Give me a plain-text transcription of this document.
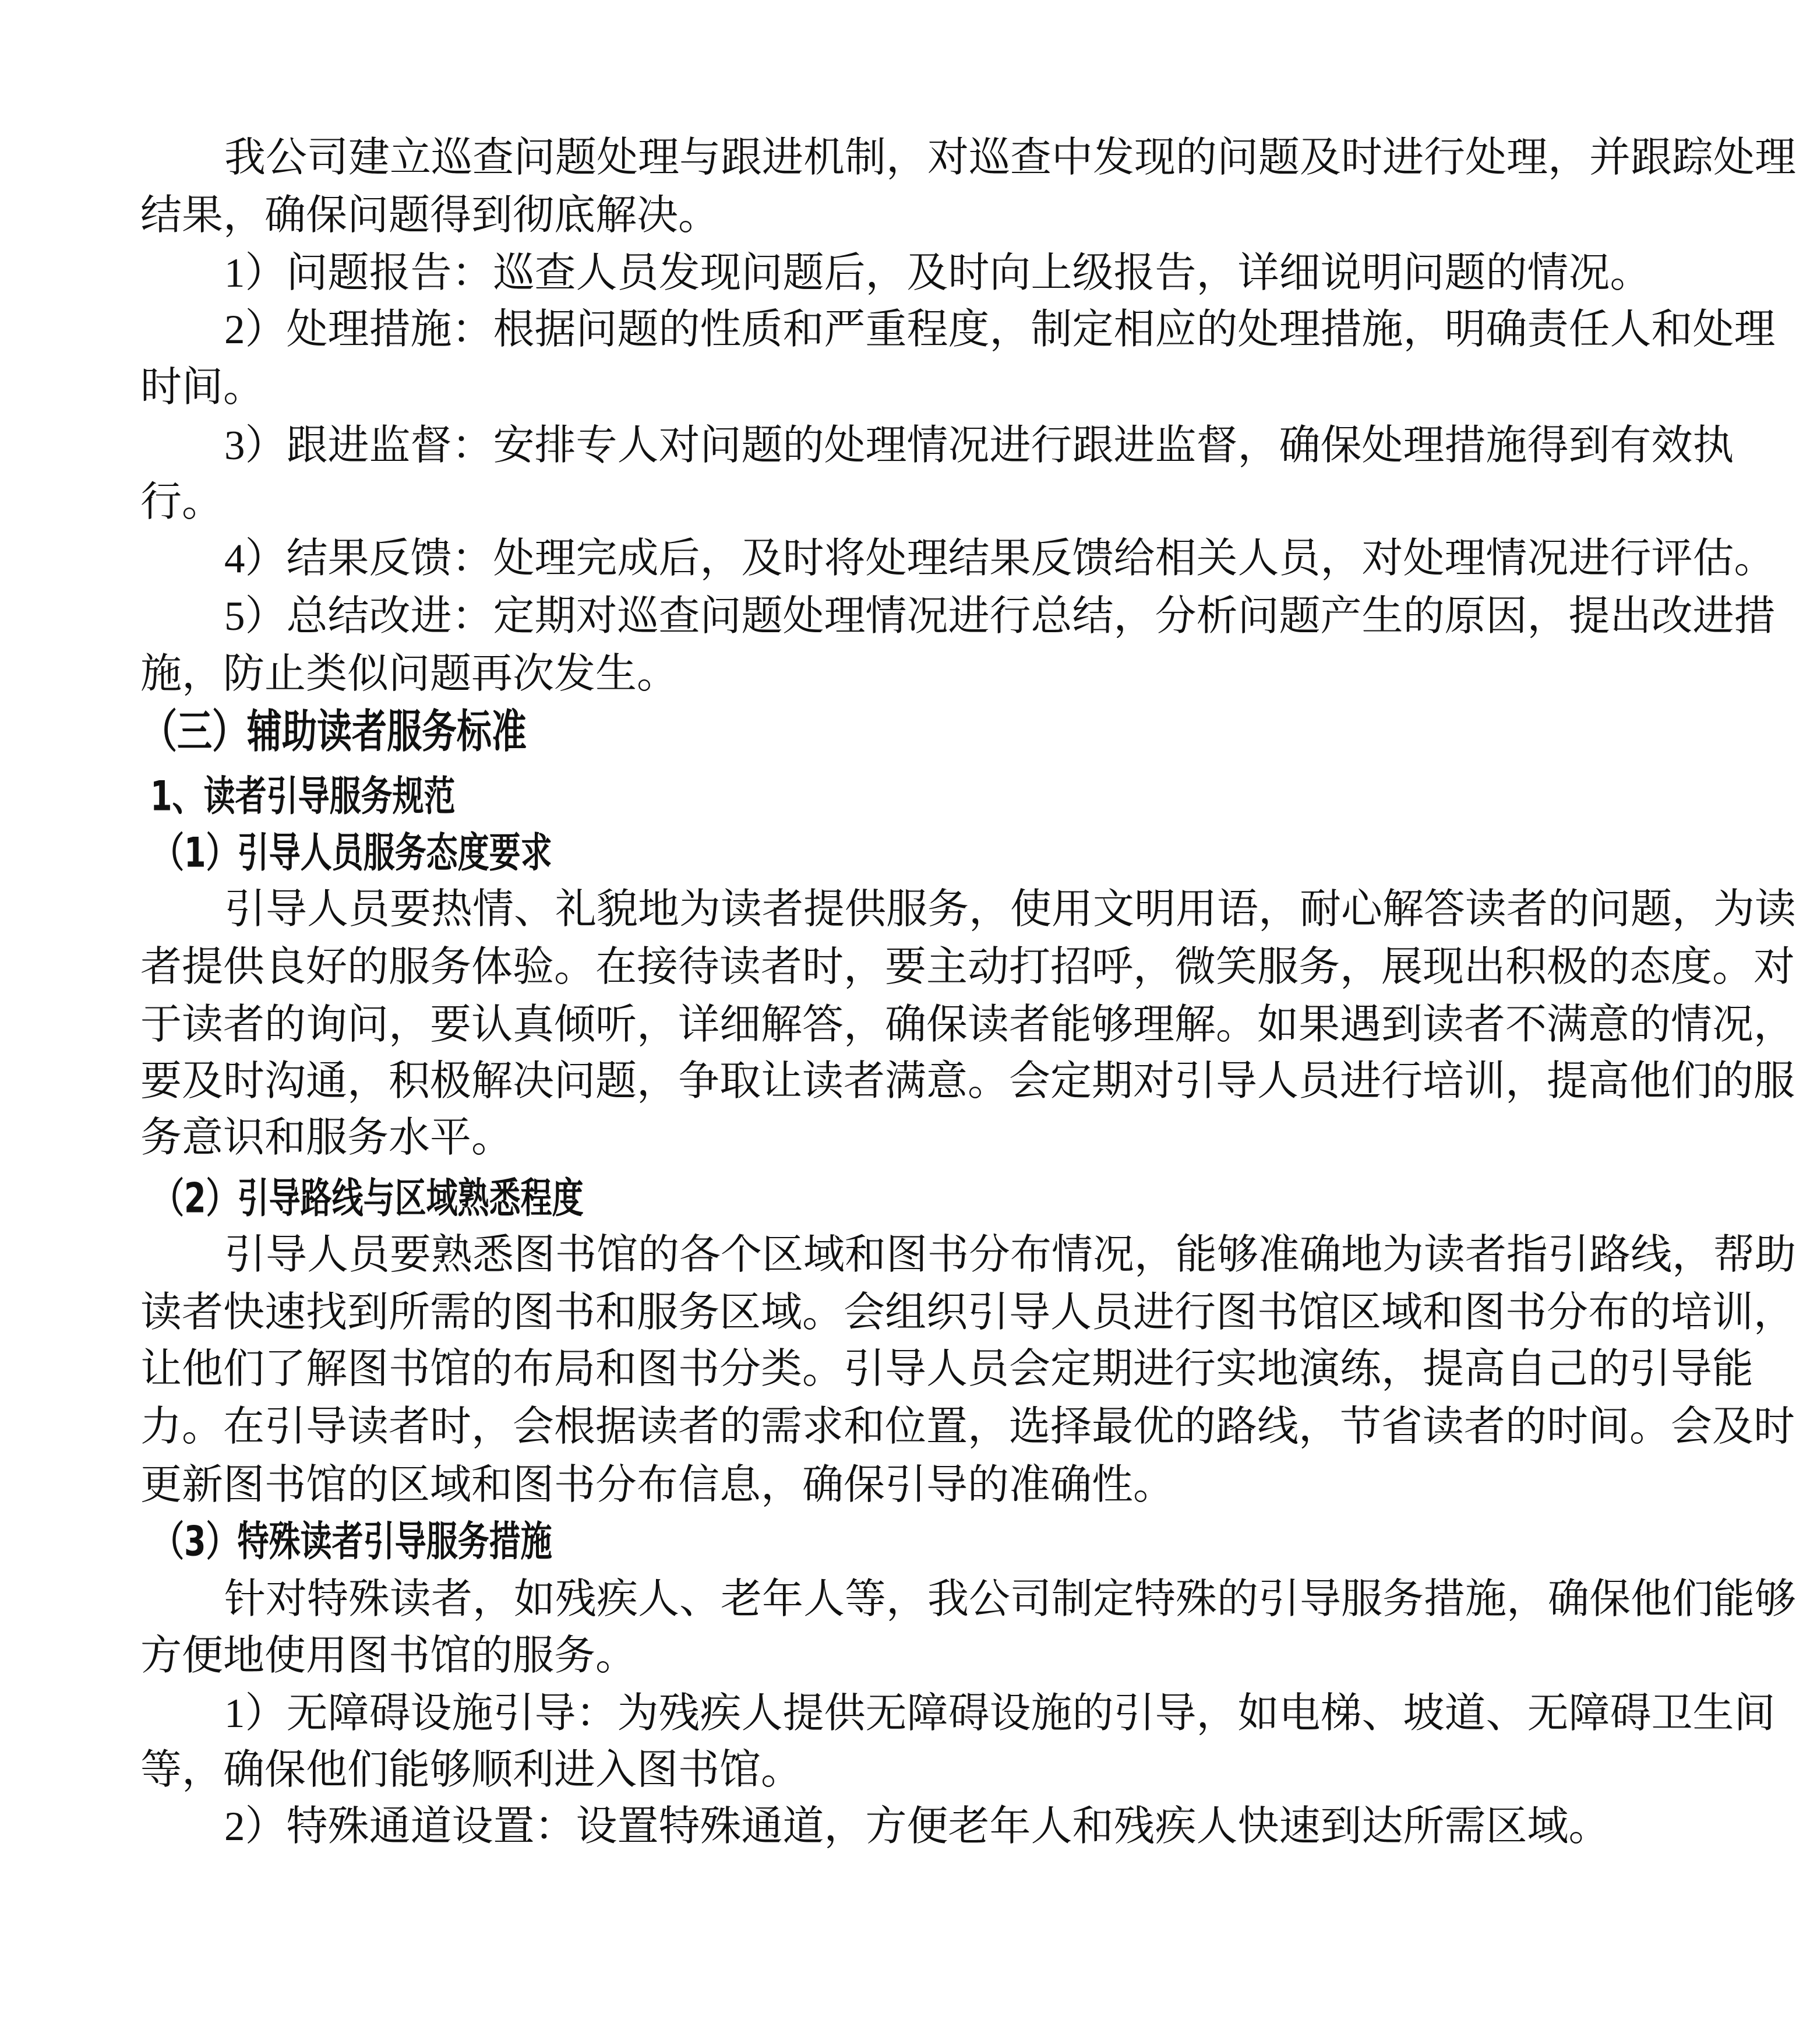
我公司建立巡查问题处理与跟进机制，对巡查中发现的问题及时进行处理，并跟踪处理
结果，确保问题得到彻底解决。
1）问题报告：巡查人员发现问题后，及时向上级报告，详细说明问题的情况。
2）处理措施：根据问题的性质和严重程度，制定相应的处理措施，明确责任人和处理
时间。
3）跟进监督：安排专人对问题的处理情况进行跟进监督，确保处理措施得到有效执
行。
4）结果反馈：处理完成后，及时将处理结果反馈给相关人员，对处理情况进行评估。
5）总结改进：定期对巡查问题处理情况进行总结，分析问题产生的原因，提出改进措
施，防止类似问题再次发生。
（三）辅助读者服务标准
1、读者引导服务规范
（1）引导人员服务态度要求
引导人员要热情、礼貌地为读者提供服务，使用文明用语，耐心解答读者的问题，为读
者提供良好的服务体验。在接待读者时，要主动打招呼，微笑服务，展现出积极的态度。对
于读者的询问，要认真倾听，详细解答，确保读者能够理解。如果遇到读者不满意的情况，
要及时沟通，积极解决问题，争取让读者满意。会定期对引导人员进行培训，提高他们的服
务意识和服务水平。
（2）引导路线与区域熟悉程度
引导人员要熟悉图书馆的各个区域和图书分布情况，能够准确地为读者指引路线，帮助
读者快速找到所需的图书和服务区域。会组织引导人员进行图书馆区域和图书分布的培训，
让他们了解图书馆的布局和图书分类。引导人员会定期进行实地演练，提高自己的引导能
力。在引导读者时，会根据读者的需求和位置，选择最优的路线，节省读者的时间。会及时
更新图书馆的区域和图书分布信息，确保引导的准确性。
（3）特殊读者引导服务措施
针对特殊读者，如残疾人、老年人等，我公司制定特殊的引导服务措施，确保他们能够
方便地使用图书馆的服务。
1）无障碍设施引导：为残疾人提供无障碍设施的引导，如电梯、坡道、无障碍卫生间
等，确保他们能够顺利进入图书馆。
2）特殊通道设置：设置特殊通道，方便老年人和残疾人快速到达所需区域。
